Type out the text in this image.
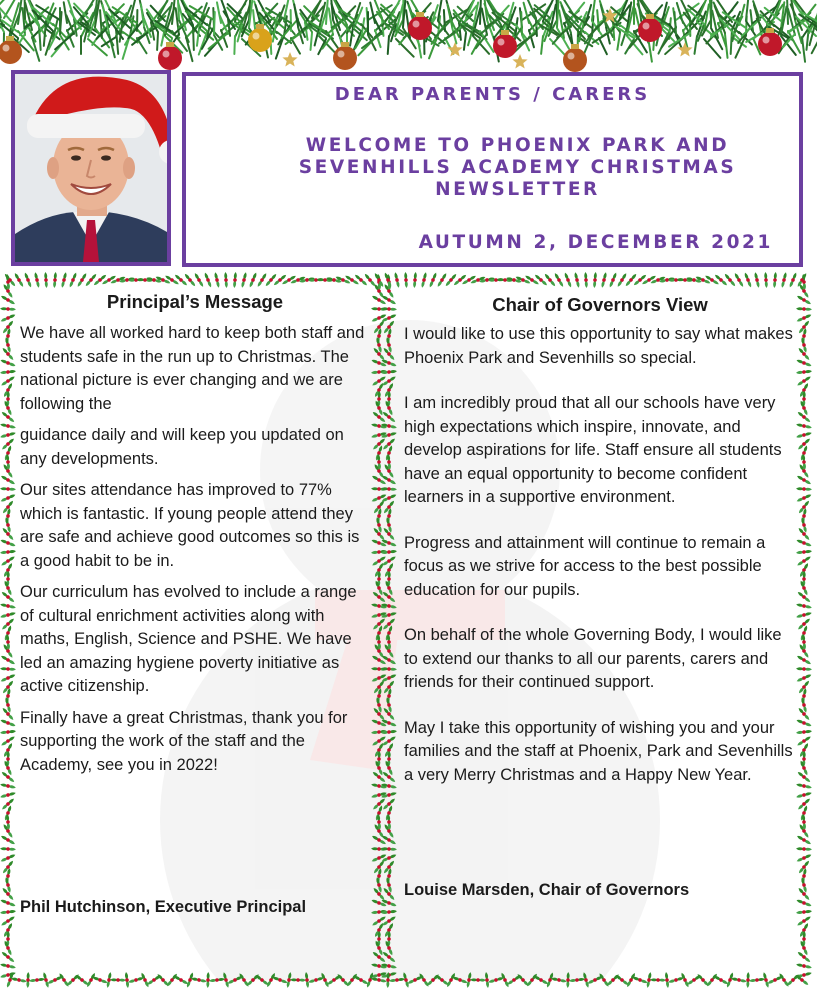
DEAR PARENTS / CARERS
WELCOME TO PHOENIX PARK AND
SEVENHILLS ACADEMY CHRISTMAS
NEWSLETTER
AUTUMN 2, DECEMBER 2021
Principal’s Message

We have all worked hard to keep both staff and students safe in the run up to Christmas. The national picture is ever changing and we are following the

guidance daily and will keep you updated on any developments.

Our sites attendance has improved to 77% which is fantastic. If young people attend they are safe and achieve good outcomes so this is a good habit to be in.

Our curriculum has evolved to include a range of cultural enrichment activities along with maths, English, Science and PSHE. We have led an amazing hygiene poverty initiative as active citizenship.

Finally have a great Christmas, thank you for supporting the work of the staff and the Academy, see you in 2022!

Phil Hutchinson, Executive Principal
Chair of Governors View

I would like to use this opportunity to say what makes Phoenix Park and Sevenhills so special.

I am incredibly proud that all our schools have very high expectations which inspire, innovate, and develop aspirations for life. Staff ensure all students have an equal opportunity to become confident learners in a supportive environment.

Progress and attainment will continue to remain a focus as we strive for access to the best possible education for our pupils.

On behalf of the whole Governing Body, I would like to extend our thanks to all our parents, carers and friends for their continued support.

May I take this opportunity of wishing you and your families and the staff at Phoenix, Park and Sevenhills a very Merry Christmas and a Happy New Year.

Louise Marsden, Chair of Governors
